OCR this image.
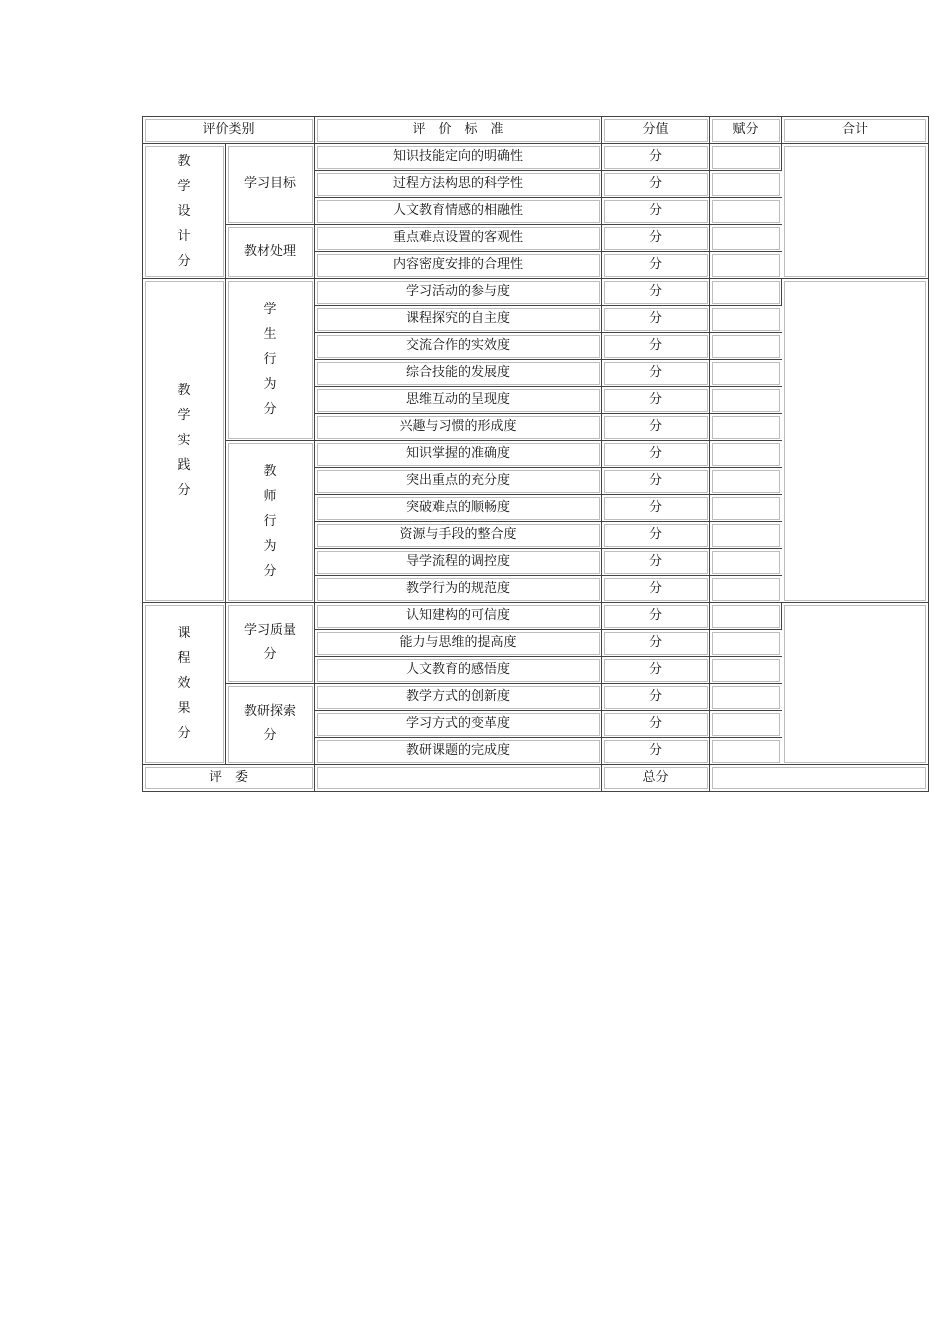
评价类别		评　价　标　准	分值	赋分	合计
教学设计分	学习目标	知识技能定向的明确性	分		
		过程方法构思的科学性	分		
		人文教育情感的相融性	分		
	教材处理	重点难点设置的客观性	分		
		内容密度安排的合理性	分		
教学实践分	学生行为分	学习活动的参与度	分		
		课程探究的自主度	分		
		交流合作的实效度	分		
		综合技能的发展度	分		
		思维互动的呈现度	分		
		兴趣与习惯的形成度	分		
	教师行为分	知识掌握的准确度	分		
		突出重点的充分度	分		
		突破难点的顺畅度	分		
		资源与手段的整合度	分		
		导学流程的调控度	分		
		教学行为的规范度	分		
课程效果分	学习质量分	认知建构的可信度	分		
		能力与思维的提高度	分		
		人文教育的感悟度	分		
	教研探索分	教学方式的创新度	分		
		学习方式的变革度	分		
		教研课题的完成度	分		
评　委			总分		
